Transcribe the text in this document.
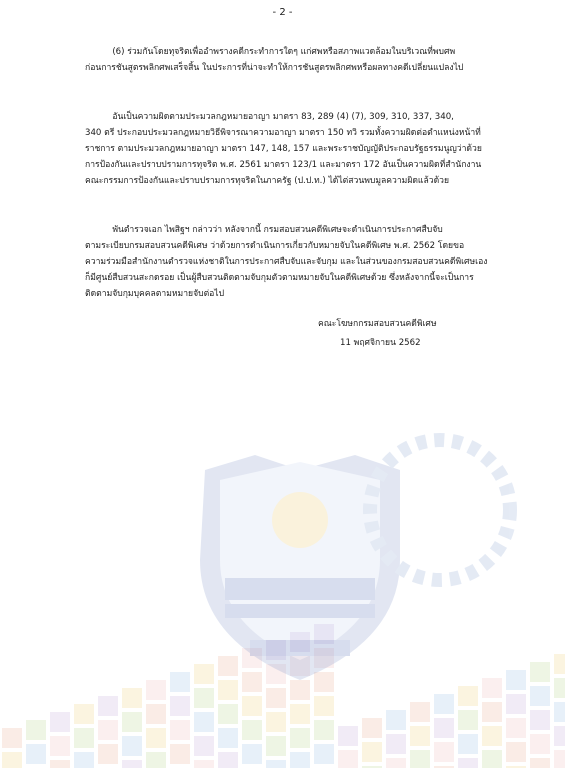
- 2 -
(6) ร่วมกันโดยทุจริตเพื่ออำพรางคดีกระทำการใดๆ แก่ศพหรือสภาพแวดล้อมในบริเวณที่พบศพ
ก่อนการชันสูตรพลิกศพเสร็จสิ้น ในประการที่น่าจะทำให้การชันสูตรพลิกศพหรือผลทางคดีเปลี่ยนแปลงไป
อันเป็นความผิดตามประมวลกฎหมายอาญา มาตรา 83, 289 (4) (7), 309, 310, 337, 340,
340 ตรี ประกอบประมวลกฎหมายวิธีพิจารณาความอาญา มาตรา 150 ทวิ รวมทั้งความผิดต่อตำแหน่งหน้าที่
ราชการ ตามประมวลกฎหมายอาญา มาตรา 147, 148, 157 และพระราชบัญญัติประกอบรัฐธรรมนูญว่าด้วย
การป้องกันและปราบปรามการทุจริต พ.ศ. 2561 มาตรา 123/1 และมาตรา 172 อันเป็นความผิดที่สำนักงาน
คณะกรรมการป้องกันและปราบปรามการทุจริตในภาครัฐ (ป.ป.ท.) ได้ไต่สวนพบมูลความผิดแล้วด้วย
พันตำรวจเอก ไพสิฐฯ กล่าวว่า หลังจากนี้ กรมสอบสวนคดีพิเศษจะดำเนินการประกาศสืบจับ
ตามระเบียบกรมสอบสวนคดีพิเศษ ว่าด้วยการดำเนินการเกี่ยวกับหมายจับในคดีพิเศษ พ.ศ. 2562 โดยขอ
ความร่วมมือสำนักงานตำรวจแห่งชาติในการประกาศสืบจับและจับกุม และในส่วนของกรมสอบสวนคดีพิเศษเอง
ก็มีศูนย์สืบสวนสะกดรอย เป็นผู้สืบสวนติดตามจับกุมตัวตามหมายจับในคดีพิเศษด้วย ซึ่งหลังจากนี้จะเป็นการ
ติดตามจับกุมบุคคลตามหมายจับต่อไป
คณะโฆษกกรมสอบสวนคดีพิเศษ
11 พฤศจิกายน 2562
